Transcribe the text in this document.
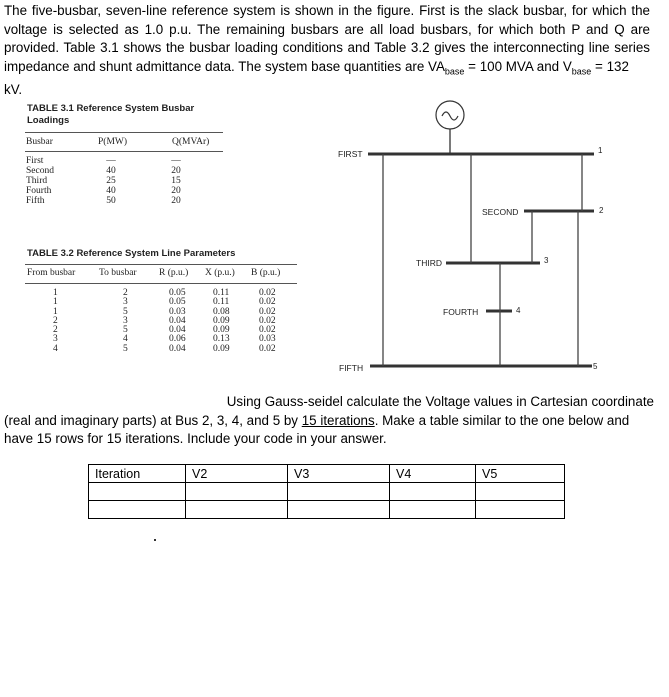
The five-busbar, seven-line reference system is shown in the figure. First is the slack busbar, for which the voltage is selected as 1.0 p.u. The remaining busbars are all load busbars, for which both P and Q are provided. Table 3.1 shows the busbar loading conditions and Table 3.2 gives the interconnecting line series impedance and shunt admittance data. The system base quantities are $VA_{base} = 100$ MVA and $V_{base} = 132$
kV.
TABLE 3.1 Reference System Busbar
Loadings
Busbar	P(MW)	Q(MVAr)
First	—	—
Second	40	20
Third	25	15
Fourth	40	20
Fifth	50	20
TABLE 3.2 Reference System Line Parameters
From busbar	To busbar	R (p.u.)	X (p.u.)	B (p.u.)
1	2	0.05	0.11	0.02
1	3	0.05	0.11	0.02
1	5	0.03	0.08	0.02
2	3	0.04	0.09	0.02
2	5	0.04	0.09	0.02
3	4	0.06	0.13	0.03
4	5	0.04	0.09	0.02
FIRST	1
SECOND	2
THIRD	3
FOURTH	4
FIFTH	5
Using Gauss-seidel calculate the Voltage values in Cartesian coordinate
(real and imaginary parts) at Bus 2, 3, 4, and 5 by 15 iterations. Make a table similar to the one below and
have 15 rows for 15 iterations. Include your code in your answer.
Iteration	V2	V3	V4	V5
